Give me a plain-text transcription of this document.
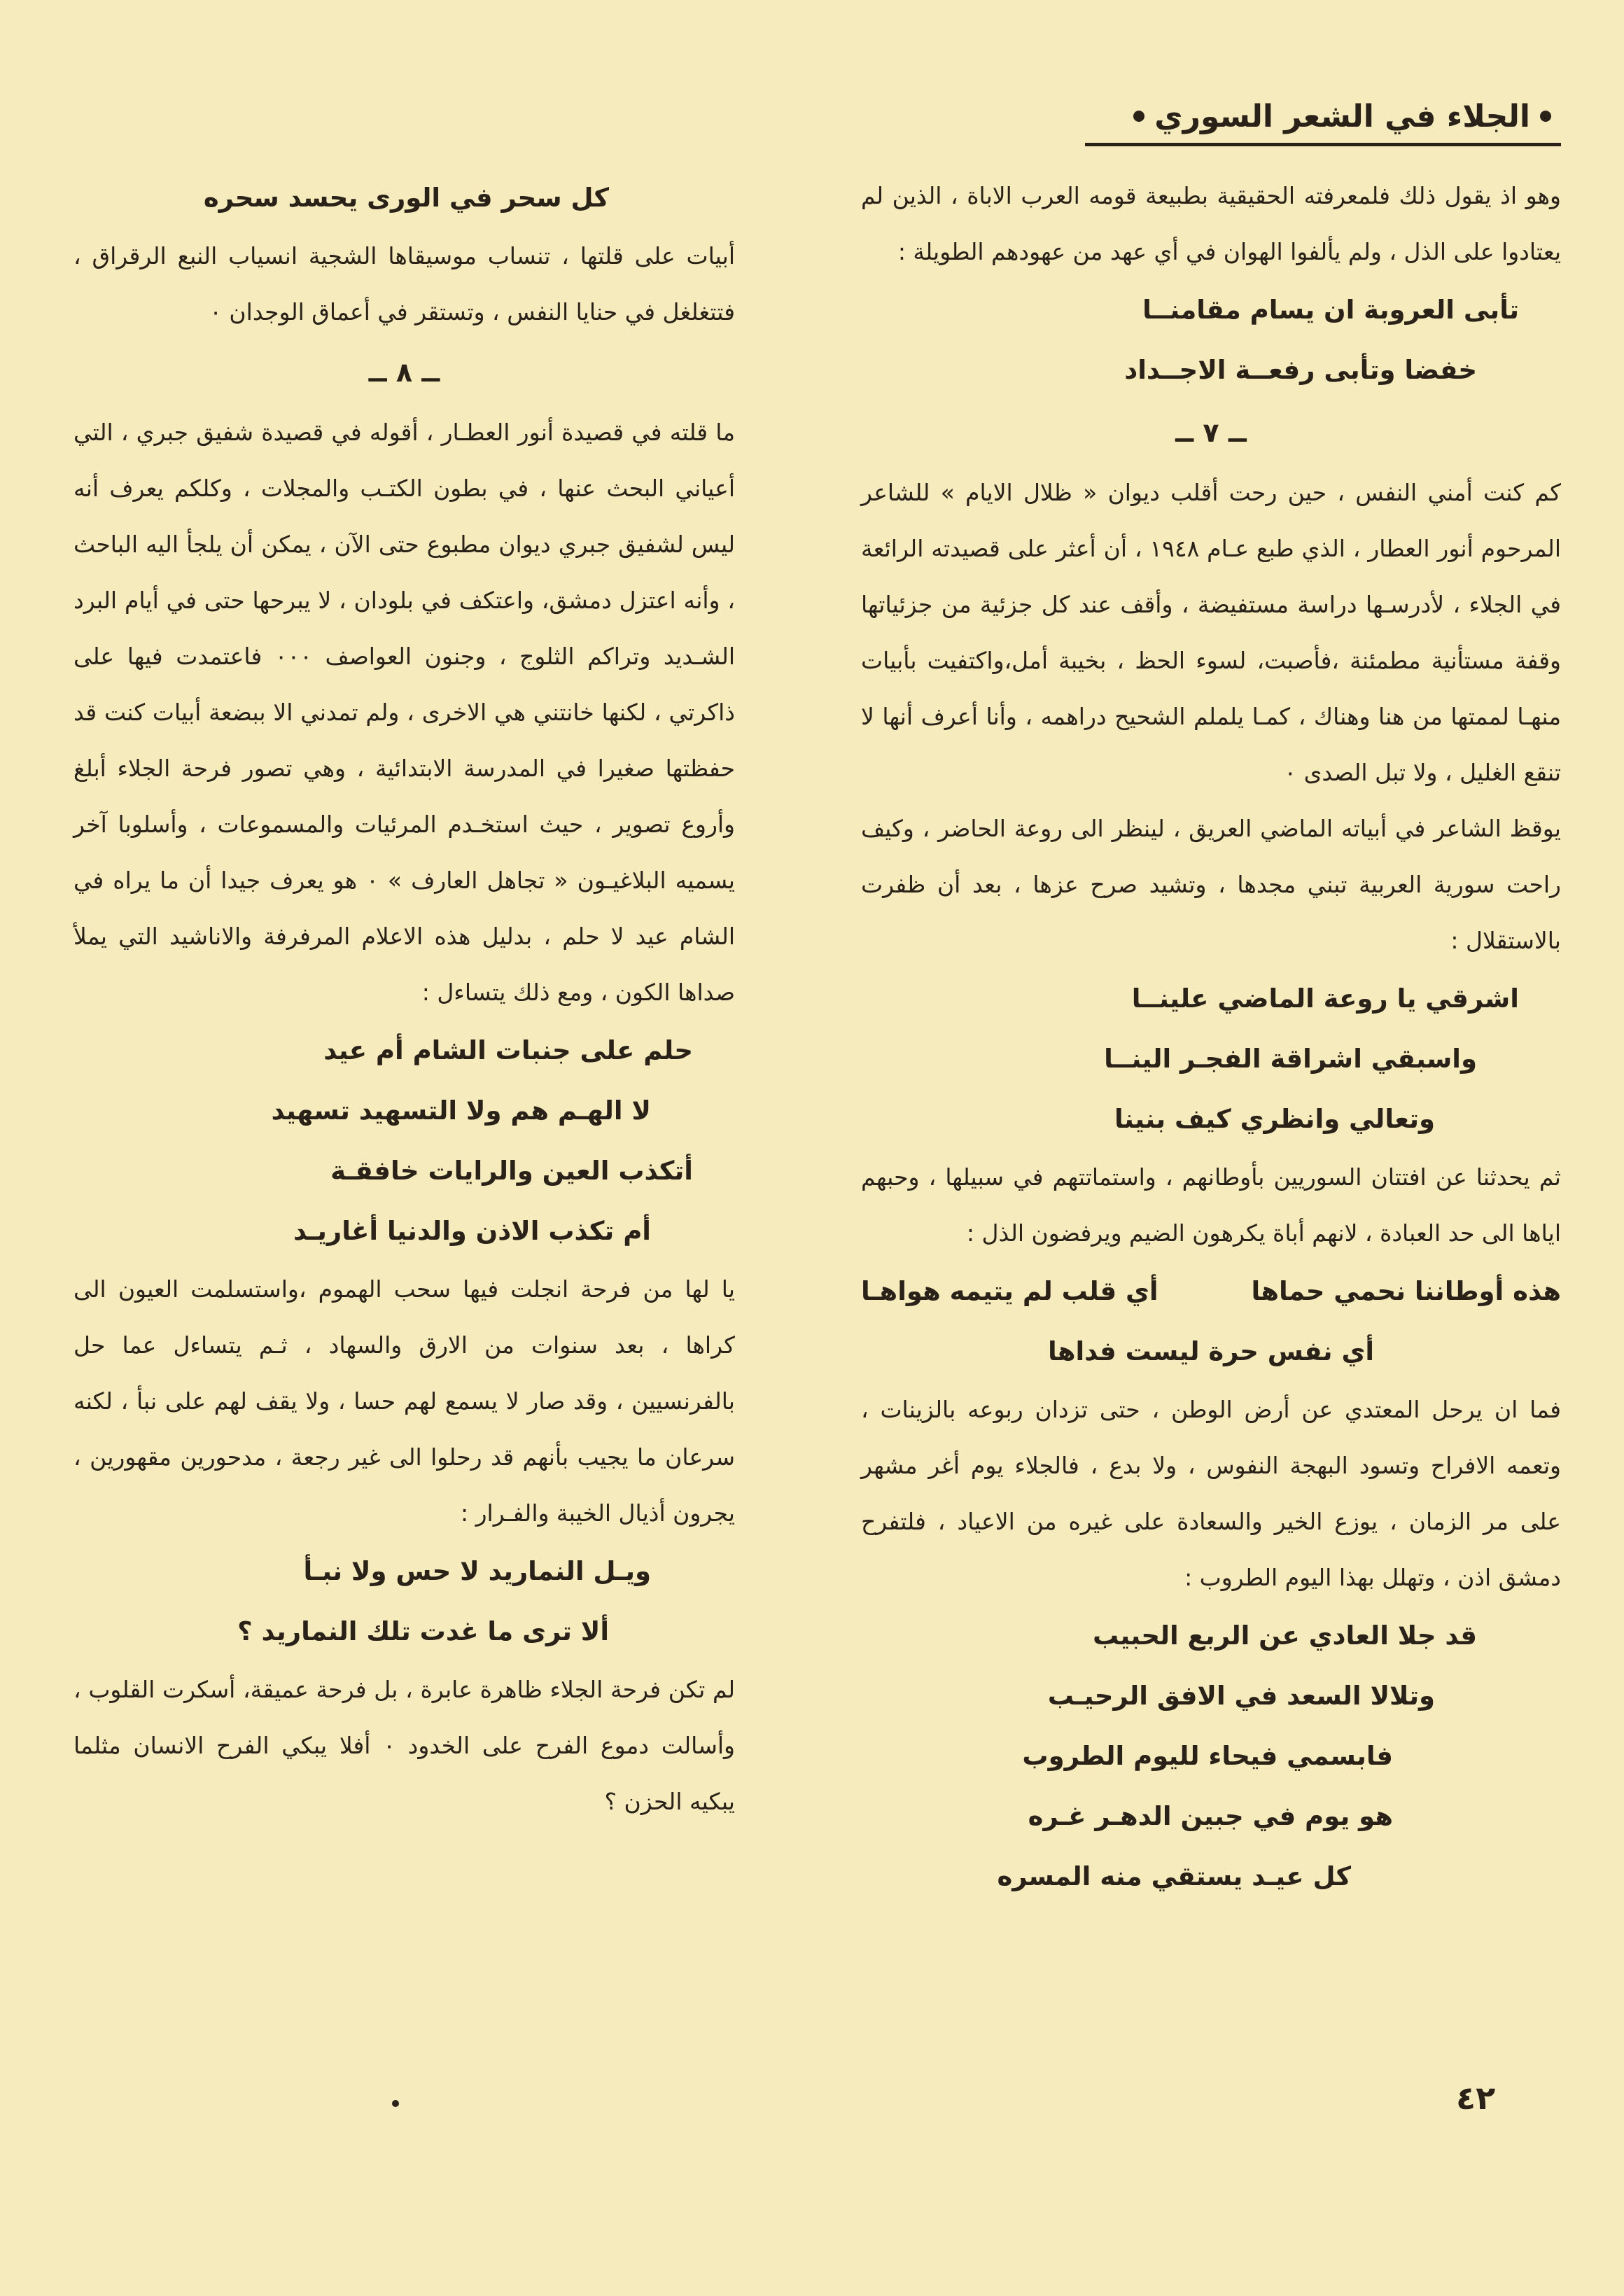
الجلاء في الشعر السوري

وهو اذ يقول ذلك فلمعرفته الحقيقية بطبيعة قومه العرب الاباة ، الذين لم يعتادوا على الذل ، ولم يألفوا الهوان في أي عهد من عهودهم الطويلة :

تأبى العروبة ان يسام مقامنــا
خفضا وتأبى رفعــة الاجــداد
ــ ٧ ــ

كم كنت أمني النفس ، حين رحت أقلب ديوان « ظلال الايام » للشاعر المرحوم أنور العطار ، الذي طبع عـام ١٩٤٨ ، أن أعثر على قصيدته الرائعة في الجلاء ، لأدرسـها دراسة مستفيضة ، وأقف عند كل جزئية من جزئياتها وقفة مستأنية مطمئنة ،فأصبت، لسوء الحظ ، بخيبة أمل،واكتفيت بأبيات منهـا لممتها من هنا وهناك ، كمـا يلملم الشحيح دراهمه ، وأنا أعرف أنها لا تنقع الغليل ، ولا تبل الصدى ٠

يوقظ الشاعر في أبياته الماضي العريق ، لينظر الى روعة الحاضر ، وكيف راحت سورية العربية تبني مجدها ، وتشيد صرح عزها ، بعد أن ظفرت بالاستقلال :

اشرقي يا روعة الماضي علينــا
واسبقي اشراقة الفجـر الينــا
وتعالي وانظري كيف بنينا

ثم يحدثنا عن افتتان السوريين بأوطانهم ، واستماتتهم في سبيلها ، وحبهم اياها الى حد العبادة ، لانهم أباة يكرهون الضيم ويرفضون الذل :

هذه أوطاننا نحمي حماها
أي قلب لم يتيمه هواهـا
أي نفس حرة ليست فداها

فما ان يرحل المعتدي عن أرض الوطن ، حتى تزدان ربوعه بالزينات ، وتعمه الافراح وتسود البهجة النفوس ، ولا بدع ، فالجلاء يوم أغر مشهر على مر الزمان ، يوزع الخير والسعادة على غيره من الاعياد ، فلتفرح دمشق اذن ، وتهلل بهذا اليوم الطروب :

قد جلا العادي عن الربع الحبيب
وتلالا السعد في الافق الرحيـب
فابسمي فيحاء لليوم الطروب
هو يوم في جبين الدهـر غـره
كل عيـد يستقي منه المسره
كل سحر في الورى يحسد سحره

أبيات على قلتها ، تنساب موسيقاها الشجية انسياب النبع الرقراق ، فتتغلغل في حنايا النفس ، وتستقر في أعماق الوجدان ٠

ــ ٨ ــ

ما قلته في قصيدة أنور العطـار ، أقوله في قصيدة شفيق جبري ، التي أعياني البحث عنها ، في بطون الكتـب والمجلات ، وكلكم يعرف أنه ليس لشفيق جبري ديوان مطبوع حتى الآن ، يمكن أن يلجأ اليه الباحث ، وأنه اعتزل دمشق، واعتكف في بلودان ، لا يبرحها حتى في أيام البرد الشـديد وتراكم الثلوج ، وجنون العواصف ٠٠٠ فاعتمدت فيها على ذاكرتي ، لكنها خانتني هي الاخرى ، ولم تمدني الا ببضعة أبيات كنت قد حفظتها صغيرا في المدرسة الابتدائية ، وهي تصور فرحة الجلاء أبلغ وأروع تصوير ، حيث استخـدم المرئيات والمسموعات ، وأسلوبا آخر يسميه البلاغيـون « تجاهل العارف » ٠ هو يعرف جيدا أن ما يراه في الشام عيد لا حلم ، بدليل هذه الاعلام المرفرفة والاناشيد التي يملأ صداها الكون ، ومع ذلك يتساءل :

حلم على جنبات الشام أم عيد
لا الهـم هم ولا التسهيد تسهيد
أتكذب العين والرايات خافقـة
أم تكذب الاذن والدنيا أغاريـد

يا لها من فرحة انجلت فيها سحب الهموم ،واستسلمت العيون الى كراها ، بعد سنوات من الارق والسهاد ، ثـم يتساءل عما حل بالفرنسيين ، وقد صار لا يسمع لهم حسا ، ولا يقف لهم على نبأ ، لكنه سرعان ما يجيب بأنهم قد رحلوا الى غير رجعة ، مدحورين مقهورين ، يجرون أذيال الخيبة والفـرار :

ويـل النماريد لا حس ولا نبـأ
ألا ترى ما غدت تلك النماريد ؟

لم تكن فرحة الجلاء ظاهرة عابرة ، بل فرحة عميقة، أسكرت القلوب ، وأسالت دموع الفرح على الخدود ٠ أفلا يبكي الفرح الانسان مثلما يبكيه الحزن ؟

٤٢
